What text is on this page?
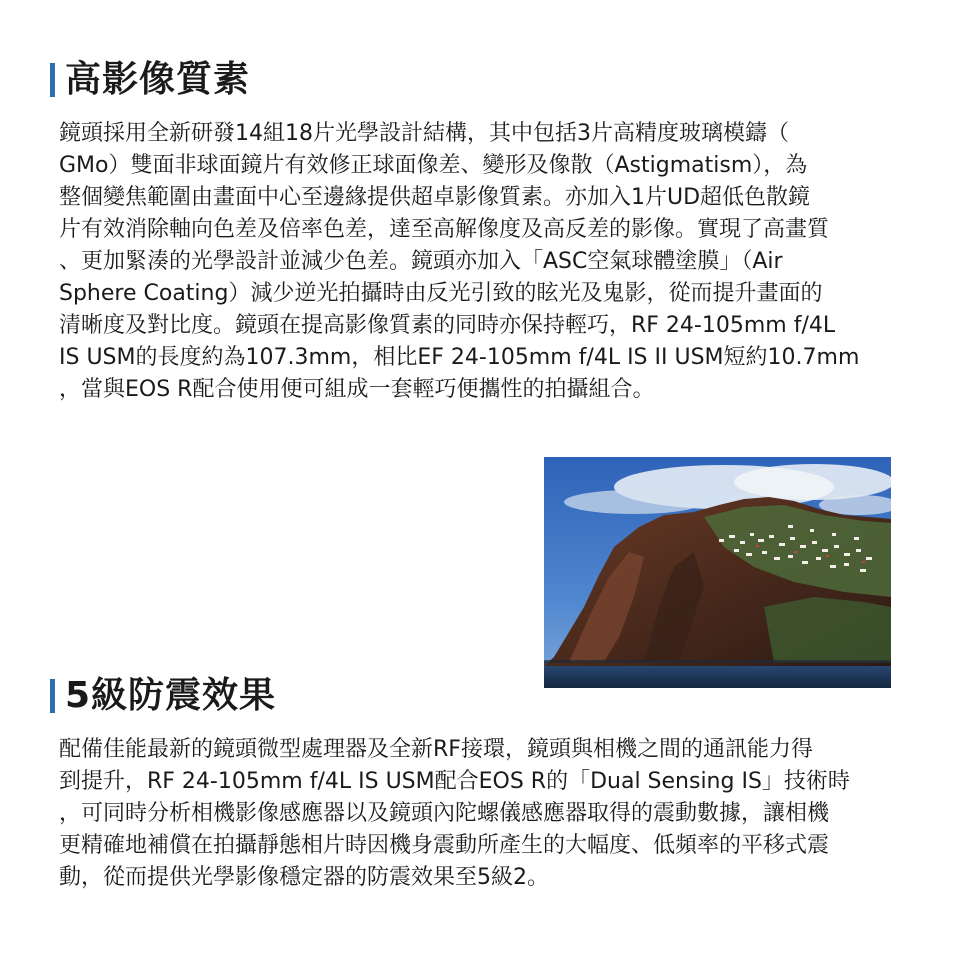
高影像質素
鏡頭採用全新研發14組18片光學設計結構，其中包括3片高精度玻璃模鑄（
GMo）雙面非球面鏡片有效修正球面像差、變形及像散（Astigmatism），為
整個變焦範圍由畫面中心至邊緣提供超卓影像質素。亦加入1片UD超低色散鏡
片有效消除軸向色差及倍率色差，達至高解像度及高反差的影像。實現了高畫質
、更加緊湊的光學設計並減少色差。鏡頭亦加入「ASC空氣球體塗膜」（Air
Sphere Coating）減少逆光拍攝時由反光引致的眩光及鬼影，從而提升畫面的
清晰度及對比度。鏡頭在提高影像質素的同時亦保持輕巧，RF 24-105mm f/4L
IS USM的長度約為107.3mm，相比EF 24-105mm f/4L IS II USM短約10.7mm
，當與EOS R配合使用便可組成一套輕巧便攜性的拍攝組合。
5級防震效果
配備佳能最新的鏡頭微型處理器及全新RF接環，鏡頭與相機之間的通訊能力得
到提升，RF 24-105mm f/4L IS USM配合EOS R的「Dual Sensing IS」技術時
，可同時分析相機影像感應器以及鏡頭內陀螺儀感應器取得的震動數據，讓相機
更精確地補償在拍攝靜態相片時因機身震動所產生的大幅度、低頻率的平移式震
動，從而提供光學影像穩定器的防震效果至5級2。
